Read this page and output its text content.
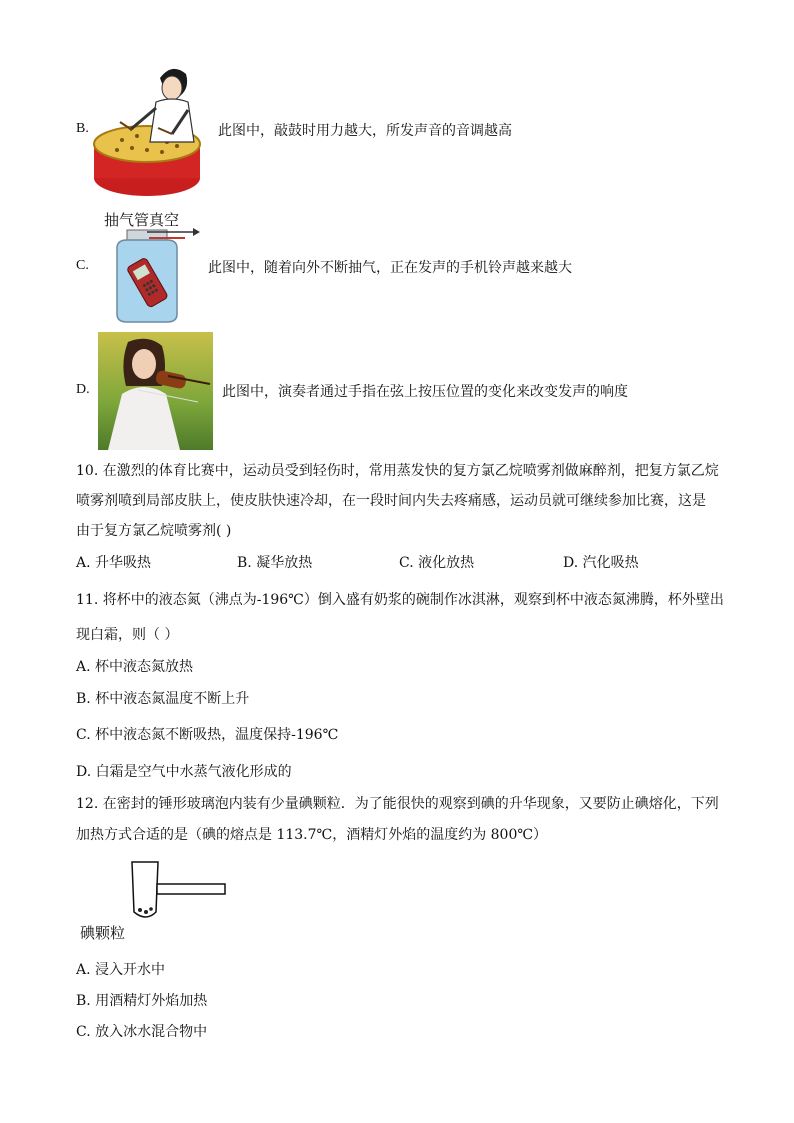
B.	此图中，敲鼓时用力越大，所发声音的音调越高
抽气管真空
C.	此图中，随着向外不断抽气，正在发声的手机铃声越来越大
D.	此图中，演奏者通过手指在弦上按压位置的变化来改变发声的响度
10. 在激烈的体育比赛中，运动员受到轻伤时，常用蒸发快的复方氯乙烷喷雾剂做麻醉剂，把复方氯乙烷
喷雾剂喷到局部皮肤上，使皮肤快速冷却，在一段时间内失去疼痛感，运动员就可继续参加比赛，这是
由于复方氯乙烷喷雾剂( )
A. 升华吸热	B. 凝华放热	C. 液化放热	D. 汽化吸热
11. 将杯中的液态氮（沸点为-196℃）倒入盛有奶浆的碗制作冰淇淋，观察到杯中液态氮沸腾，杯外壁出
现白霜，则（ ）
A. 杯中液态氮放热
B. 杯中液态氮温度不断上升
C. 杯中液态氮不断吸热，温度保持-196℃
D. 白霜是空气中水蒸气液化形成的
12. 在密封的锤形玻璃泡内装有少量碘颗粒．为了能很快的观察到碘的升华现象，又要防止碘熔化，下列
加热方式合适的是（碘的熔点是 113.7℃，酒精灯外焰的温度约为 800℃）
碘颗粒
A. 浸入开水中
B. 用酒精灯外焰加热
C. 放入冰水混合物中
